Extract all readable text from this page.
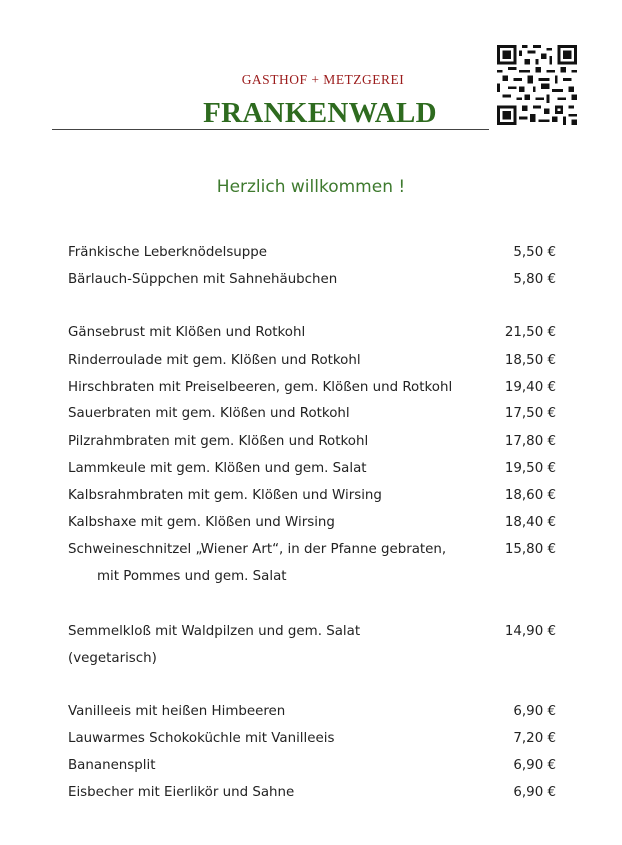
GASTHOF + METZGEREI
FRANKENWALD
Herzlich willkommen !
Fränkische Leberknödelsuppe	5,50 €
Bärlauch-Süppchen mit Sahnehäubchen	5,80 €
Gänsebrust mit Klößen und Rotkohl	21,50 €
Rinderroulade mit gem. Klößen und Rotkohl	18,50 €
Hirschbraten mit Preiselbeeren, gem. Klößen und Rotkohl	19,40 €
Sauerbraten mit gem. Klößen und Rotkohl	17,50 €
Pilzrahmbraten mit gem. Klößen und Rotkohl	17,80 €
Lammkeule mit gem. Klößen und gem. Salat	19,50 €
Kalbsrahmbraten mit gem. Klößen und Wirsing	18,60 €
Kalbshaxe mit gem. Klößen und Wirsing	18,40 €
Schweineschnitzel „Wiener Art“, in der Pfanne gebraten,	15,80 €
mit Pommes und gem. Salat
Semmelkloß mit Waldpilzen und gem. Salat	14,90 €
(vegetarisch)
Vanilleeis mit heißen Himbeeren	6,90 €
Lauwarmes Schokoküchle mit Vanilleeis	7,20 €
Bananensplit	6,90 €
Eisbecher mit Eierlikör und Sahne	6,90 €
